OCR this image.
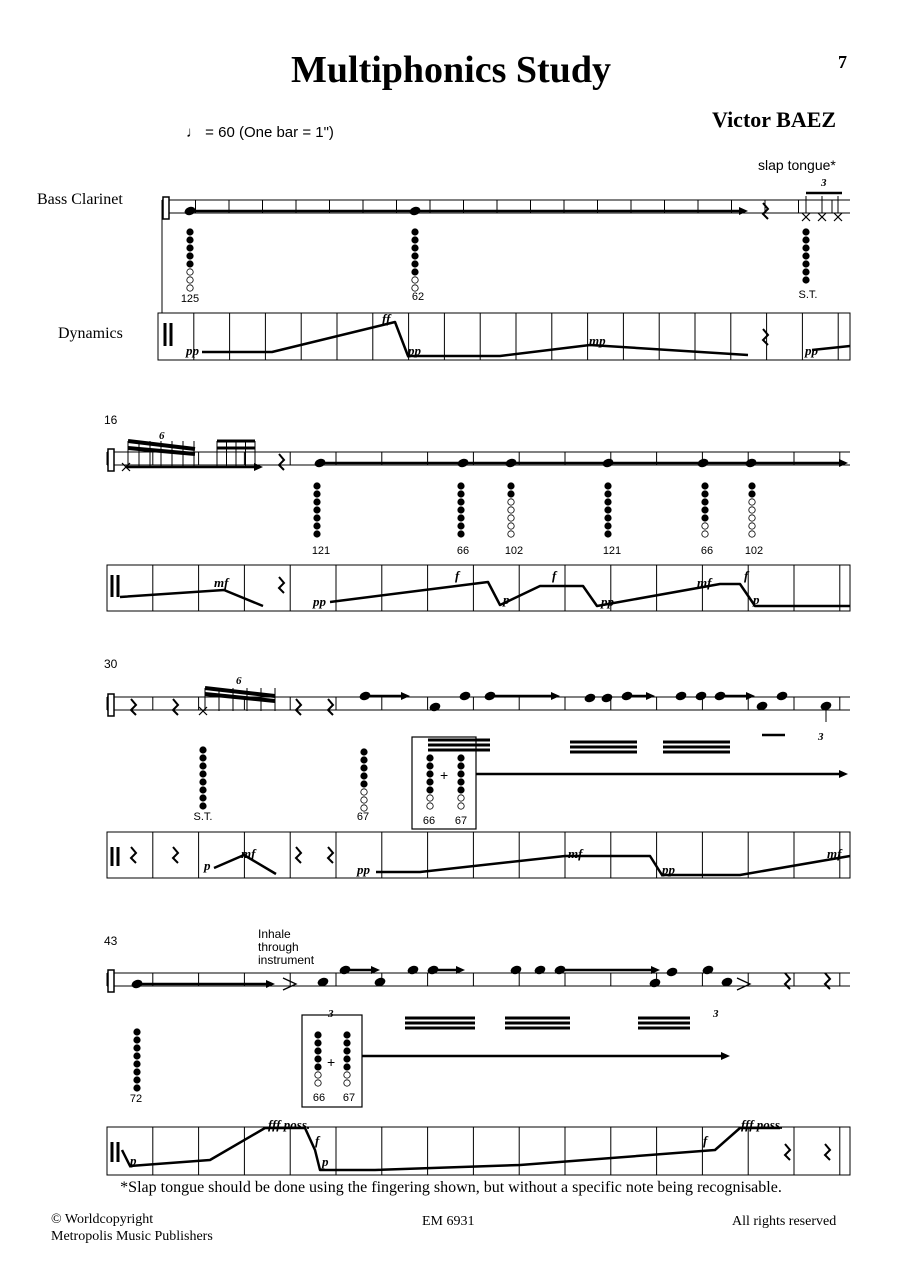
Multiphonics Study	7
Victor BAEZ
♩ = 60 (One bar = 1")
Bass Clarinet
Dynamics
slap tongue*
16
30
43
125	62	S.T.
121	66	102	121	66	102
S.T.	67	66	67
72	66	67
Inhale
through
instrument
pp
ff
pp
mp
pp
mf
pp
f
p
f
pp
mf	f
p
p
mf
pp
mf
pp
mf
p
fff poss.
f
p
f
fff poss.
3
6
6
3
3	3
*Slap tongue should be done using the fingering shown, but without a specific note being recognisable.
© Worldcopyright
Metropolis Music Publishers
EM 6931	All rights reserved
+
+
